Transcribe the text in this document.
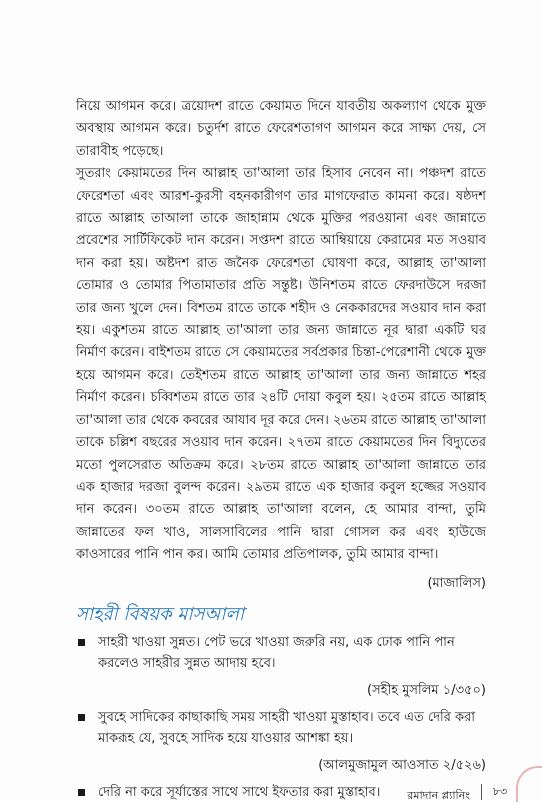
নিয়ে আগমন করে। ত্রয়োদশ রাতে কেয়ামত দিনে যাবতীয় অকল্যাণ থেকে মুক্ত অবস্থায় আগমন করে। চতুর্দশ রাতে ফেরেশতাগণ আগমন করে সাক্ষ্য দেয়, সে তারাবীহ পড়েছে।

সুতরাং কেয়ামতের দিন আল্লাহ তা'আলা তার হিসাব নেবেন না। পঞ্চদশ রাতে ফেরেশতা এবং আরশ-কুরসী বহনকারীগণ তার মাগফেরাত কামনা করে। ষষ্ঠদশ রাতে আল্লাহ তাআলা তাকে জাহান্নাম থেকে মুক্তির পরওয়ানা এবং জান্নাতে প্রবেশের সার্টিফিকেট দান করেন। সপ্তদশ রাতে আম্বিয়ায়ে কেরামের মত সওয়াব দান করা হয়। অষ্টদশ রাত জনৈক ফেরেশতা ঘোষণা করে, আল্লাহ তা'আলা তোমার ও তোমার পিতামাতার প্রতি সন্তুষ্ট। উনিশতম রাতে ফেরদাউসে দরজা তার জন্য খুলে দেন। বিশতম রাতে তাকে শহীদ ও নেককারদের সওয়াব দান করা হয়। একুশতম রাতে আল্লাহ তা'আলা তার জন্য জান্নাতে নূর দ্বারা একটি ঘর নির্মাণ করেন। বাইশতম রাতে সে কেয়ামতের সর্বপ্রকার চিন্তা-পেরেশানী থেকে মুক্ত হয়ে আগমন করে। তেইশতম রাতে আল্লাহ তা'আলা তার জন্য জান্নাতে শহর নির্মাণ করেন। চব্বিশতম রাতে তার ২৪টি দোয়া কবুল হয়। ২৫তম রাতে আল্লাহ তা'আলা তার থেকে কবরের আযাব দূর করে দেন। ২৬তম রাতে আল্লাহ তা'আলা তাকে চল্লিশ বছরের সওয়াব দান করেন। ২৭তম রাতে কেয়ামতের দিন বিদ্যুতের মতো পুলসেরাত অতিক্রম করে। ২৮তম রাতে আল্লাহ তা'আলা জান্নাতে তার এক হাজার দরজা বুলন্দ করেন। ২৯তম রাতে এক হাজার কবুল হজ্জের সওয়াব দান করেন। ৩০তম রাতে আল্লাহ তা'আলা বলেন, হে আমার বান্দা, তুমি জান্নাতের ফল খাও, সালসাবিলের পানি দ্বারা গোসল কর এবং হাউজে কাওসারের পানি পান কর। আমি তোমার প্রতিপালক, তুমি আমার বান্দা।

(মাজালিস)
সাহরী বিষয়ক মাসআলা
সাহরী খাওয়া সুন্নত। পেট ভরে খাওয়া জরুরি নয়, এক ঢোক পানি পান করলেও সাহরীর সুন্নত আদায় হবে।
(সহীহ মুসলিম ১/৩৫০)
সুবহে সাদিকের কাছাকাছি সময় সাহরী খাওয়া মুস্তাহাব। তবে এত দেরি করা মাকরূহ যে, সুবহে সাদিক হয়ে যাওয়ার আশঙ্কা হয়।
(আলমুজামুল আওসাত ২/৫২৬)
দেরি না করে সূর্যাস্তের সাথে সাথে ইফতার করা মুস্তাহাব।	রমাদান প্ল্যানিং	৮৩
